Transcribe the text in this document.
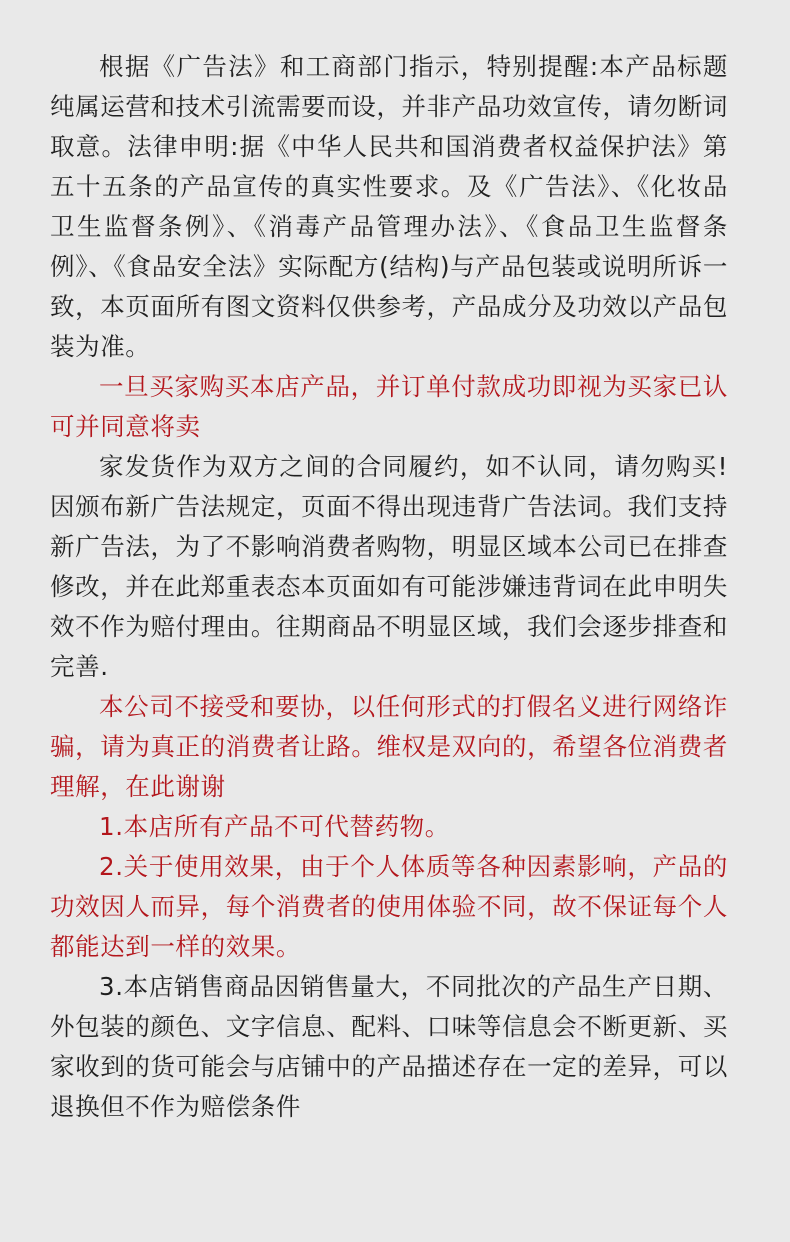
根据《广告法》和工商部门指示，特别提醒:本产品标题纯属运营和技术引流需要而设，并非产品功效宣传，请勿断词取意。法律申明:据《中华人民共和国消费者权益保护法》第五十五条的产品宣传的真实性要求。及《广告法》、《化妆品卫生监督条例》、《消毒产品管理办法》、《食品卫生监督条例》、《食品安全法》实际配方(结构)与产品包装或说明所诉一致，本页面所有图文资料仅供参考，产品成分及功效以产品包装为准。

一旦买家购买本店产品，并订单付款成功即视为买家已认可并同意将卖

家发货作为双方之间的合同履约，如不认同，请勿购买!因颁布新广告法规定，页面不得出现违背广告法词。我们支持新广告法，为了不影响消费者购物，明显区域本公司已在排查修改，并在此郑重表态本页面如有可能涉嫌违背词在此申明失效不作为赔付理由。往期商品不明显区域，我们会逐步排查和完善.

本公司不接受和要协，以任何形式的打假名义进行网络诈骗，请为真正的消费者让路。维权是双向的，希望各位消费者理解，在此谢谢

1.本店所有产品不可代替药物。

2.关于使用效果，由于个人体质等各种因素影响，产品的功效因人而异，每个消费者的使用体验不同，故不保证每个人都能达到一样的效果。

3.本店销售商品因销售量大，不同批次的产品生产日期、外包装的颜色、文字信息、配料、口味等信息会不断更新、买家收到的货可能会与店铺中的产品描述存在一定的差异，可以退换但不作为赔偿条件
